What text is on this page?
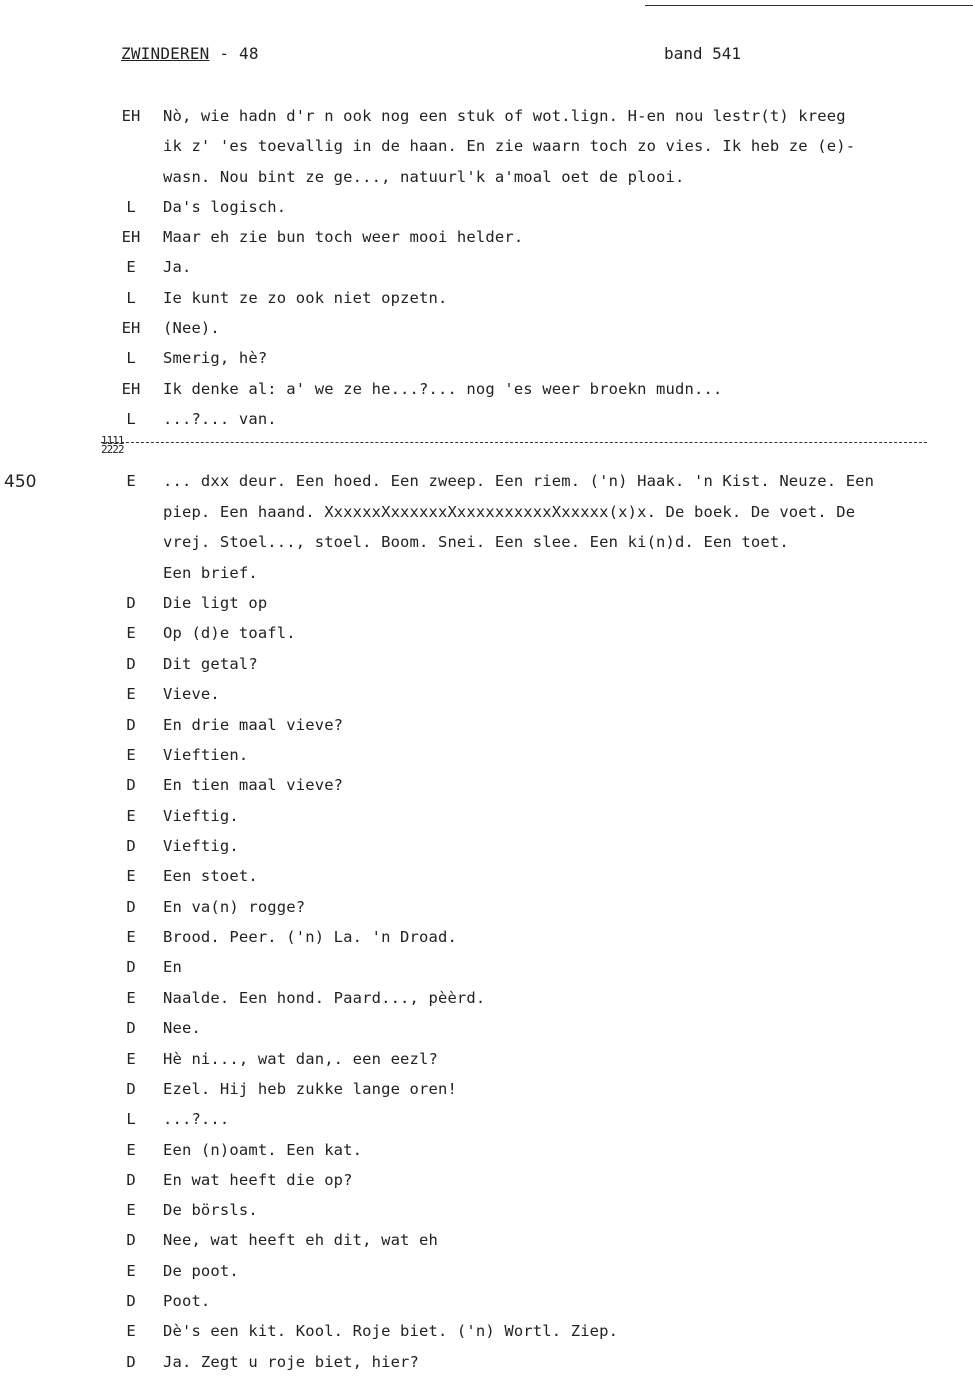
ZWINDEREN - 48	band 541
450
1111
2222
EH	Nò, wie hadn d'r n ook nog een stuk of wot.lign. H-en nou lestr(t) kreeg
ik z' 'es toevallig in de haan. En zie waarn toch zo vies. Ik heb ze (e)-
wasn. Nou bint ze ge..., natuurl'k a'moal oet de plooi.
L	Da's logisch.
EH	Maar eh zie bun toch weer mooi helder.
E	Ja.
L	Ie kunt ze zo ook niet opzetn.
EH	(Nee).
L	Smerig, hè?
EH	Ik denke al: a' we ze he...?... nog 'es weer broekn mudn...
L	...?... van.
E	... dxx deur. Een hoed. Een zweep. Een riem. ('n) Haak. 'n Kist. Neuze. Een
piep. Een haand. XxxxxxXxxxxxxXxxxxxxxxxxXxxxxx(x)x. De boek. De voet. De
vrej. Stoel..., stoel. Boom. Snei. Een slee. Een ki(n)d. Een toet.
Een brief.
D	Die ligt op
E	Op (d)e toafl.
D	Dit getal?
E	Vieve.
D	En drie maal vieve?
E	Vieftien.
D	En tien maal vieve?
E	Vieftig.
D	Vieftig.
E	Een stoet.
D	En va(n) rogge?
E	Brood. Peer. ('n) La. 'n Droad.
D	En
E	Naalde. Een hond. Paard..., pèèrd.
D	Nee.
E	Hè ni..., wat dan,. een eezl?
D	Ezel. Hij heb zukke lange oren!
L	...?...
E	Een (n)oamt. Een kat.
D	En wat heeft die op?
E	De börsls.
D	Nee, wat heeft eh dit, wat eh
E	De poot.
D	Poot.
E	Dè's een kit. Kool. Roje biet. ('n) Wortl. Ziep.
D	Ja. Zegt u roje biet, hier?
